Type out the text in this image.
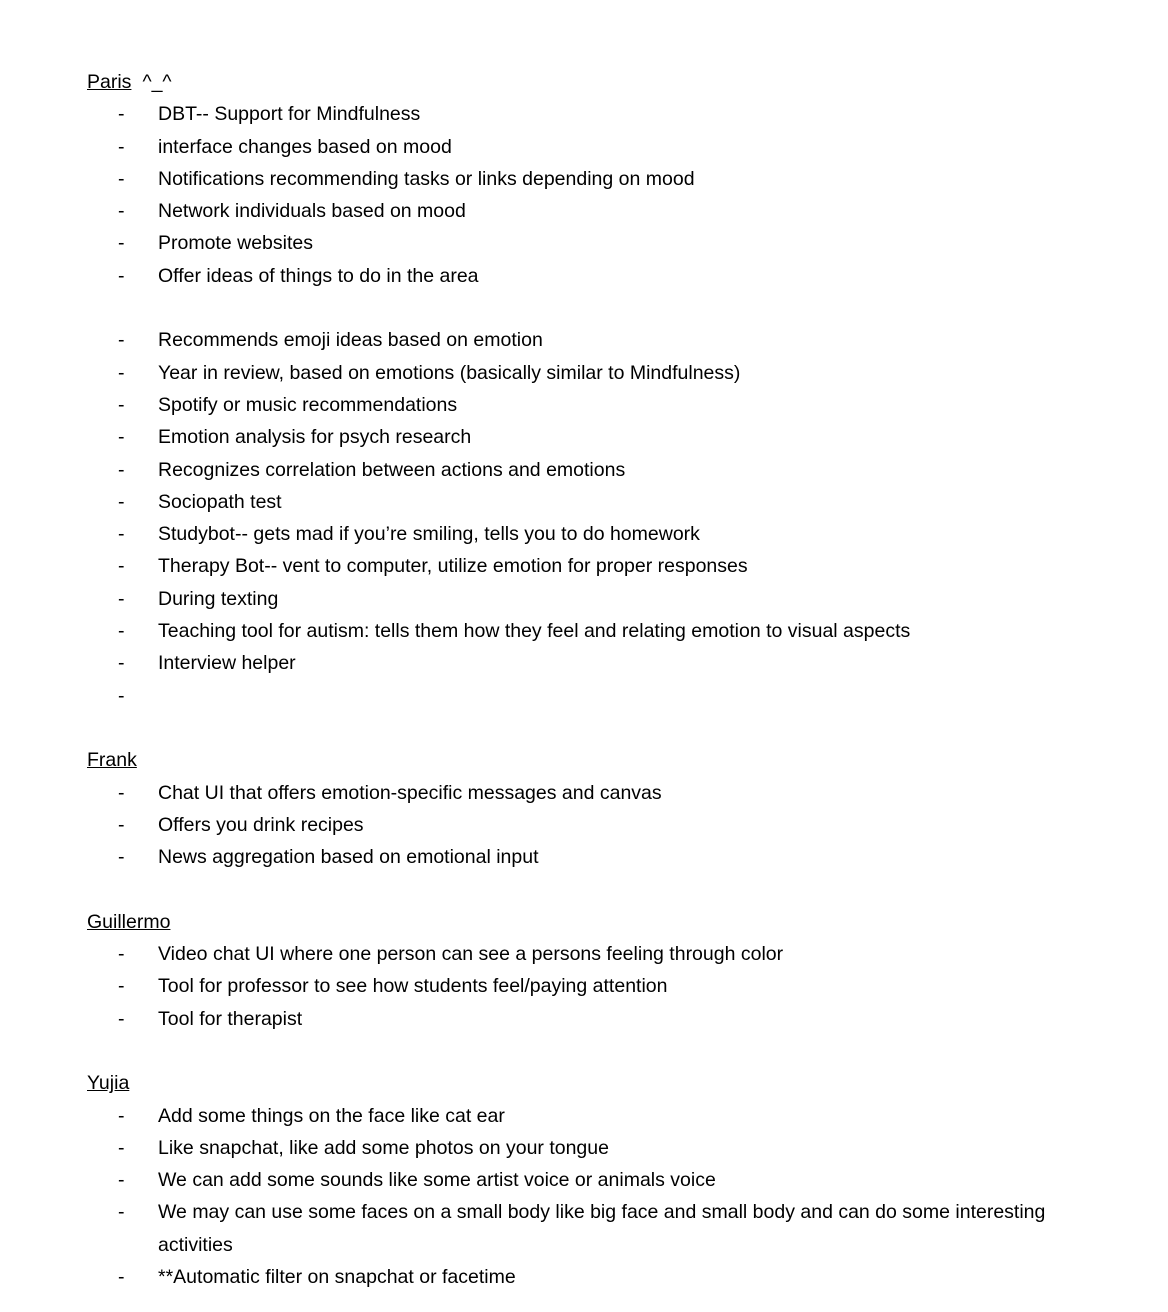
Paris ^_^
-	DBT-- Support for Mindfulness
-	interface changes based on mood
-	Notifications recommending tasks or links depending on mood
-	Network individuals based on mood
-	Promote websites
-	Offer ideas of things to do in the area
-	Recommends emoji ideas based on emotion
-	Year in review, based on emotions (basically similar to Mindfulness)
-	Spotify or music recommendations
-	Emotion analysis for psych research
-	Recognizes correlation between actions and emotions
-	Sociopath test
-	Studybot-- gets mad if you’re smiling, tells you to do homework
-	Therapy Bot-- vent to computer, utilize emotion for proper responses
-	During texting
-	Teaching tool for autism: tells them how they feel and relating emotion to visual aspects
-	Interview helper
-
Frank
-	Chat UI that offers emotion-specific messages and canvas
-	Offers you drink recipes
-	News aggregation based on emotional input
Guillermo
-	Video chat UI where one person can see a persons feeling through color
-	Tool for professor to see how students feel/paying attention
-	Tool for therapist
Yujia
-	Add some things on the face like cat ear
-	Like snapchat, like add some photos on your tongue
-	We can add some sounds like some artist voice or animals voice
-	We may can use some faces on a small body like big face and small body and can do some interesting activities
-	**Automatic filter on snapchat or facetime
